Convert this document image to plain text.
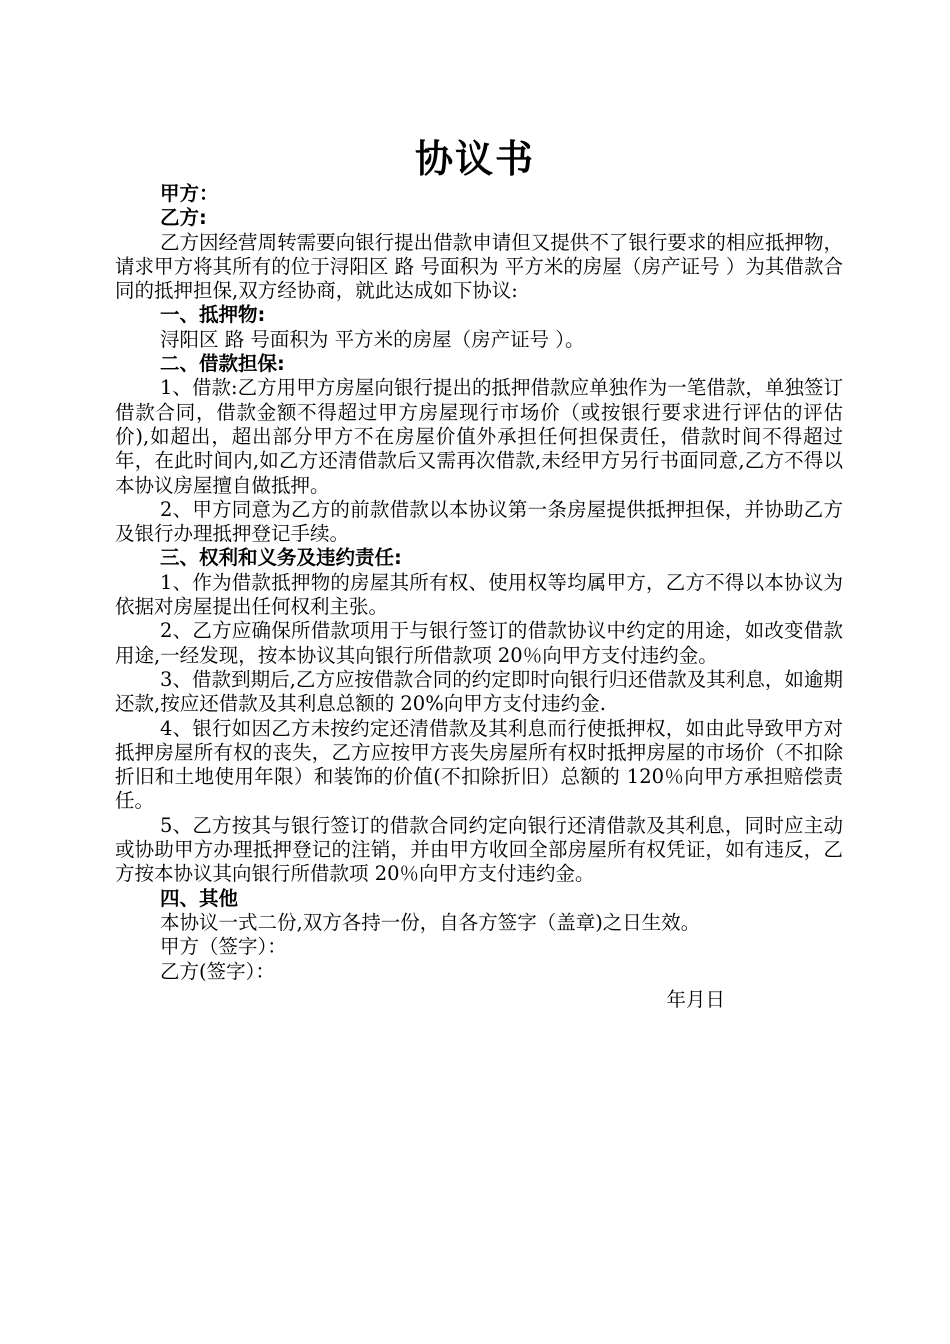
协议书

甲方：

乙方:

乙方因经营周转需要向银行提出借款申请但又提供不了银行要求的相应抵押物，请求甲方将其所有的位于浔阳区 路 号面积为 平方米的房屋（房产证号 ）为其借款合同的抵押担保,双方经协商，就此达成如下协议:

一、抵押物:

浔阳区 路 号面积为 平方米的房屋（房产证号 ）。

二、借款担保:

1、借款:乙方用甲方房屋向银行提出的抵押借款应单独作为一笔借款，单独签订借款合同，借款金额不得超过甲方房屋现行市场价（或按银行要求进行评估的评估价),如超出，超出部分甲方不在房屋价值外承担任何担保责任，借款时间不得超过 年，在此时间内,如乙方还清借款后又需再次借款,未经甲方另行书面同意,乙方不得以本协议房屋擅自做抵押。

2、甲方同意为乙方的前款借款以本协议第一条房屋提供抵押担保，并协助乙方及银行办理抵押登记手续。

三、权利和义务及违约责任:

1、作为借款抵押物的房屋其所有权、使用权等均属甲方，乙方不得以本协议为依据对房屋提出任何权利主张。

2、乙方应确保所借款项用于与银行签订的借款协议中约定的用途，如改变借款用途,一经发现，按本协议其向银行所借款项 20％向甲方支付违约金。

3、借款到期后,乙方应按借款合同的约定即时向银行归还借款及其利息，如逾期还款,按应还借款及其利息总额的 20%向甲方支付违约金.

4、银行如因乙方未按约定还清借款及其利息而行使抵押权，如由此导致甲方对抵押房屋所有权的丧失，乙方应按甲方丧失房屋所有权时抵押房屋的市场价（不扣除折旧和土地使用年限）和装饰的价值(不扣除折旧）总额的 120％向甲方承担赔偿责任。

5、乙方按其与银行签订的借款合同约定向银行还清借款及其利息，同时应主动或协助甲方办理抵押登记的注销，并由甲方收回全部房屋所有权凭证，如有违反，乙方按本协议其向银行所借款项 20％向甲方支付违约金。

四、其他

本协议一式二份,双方各持一份，自各方签字（盖章)之日生效。

甲方（签字）：

乙方(签字）：

年月日
